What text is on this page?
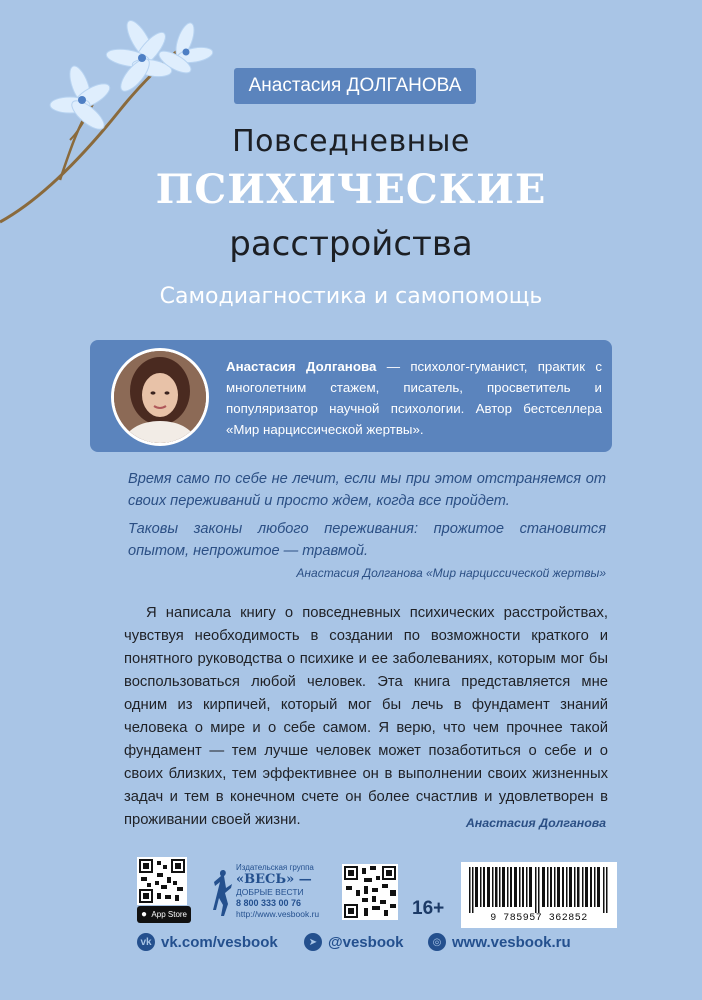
Анастасия ДОЛГАНОВА
Повседневные
ПСИХИЧЕСКИЕ
расстройства
Самодиагностика и самопомощь
Анастасия Долганова — психолог-гуманист, практик с многолетним стажем, писатель, просветитель и популяризатор научной психологии. Автор бестселлера «Мир нарциссической жертвы».
Время само по себе не лечит, если мы при этом отстраняемся от своих переживаний и просто ждем, когда все пройдет.
Таковы законы любого переживания: прожитое становится опытом, непрожитое — травмой.
Анастасия Долганова «Мир нарциссической жертвы»

Я написала книгу о повседневных психических расстройствах, чувствуя необходимость в создании по возможности краткого и понятного руководства о психике и ее заболеваниях, которым мог бы воспользоваться любой человек. Эта книга представляется мне одним из кирпичей, который мог бы лечь в фундамент знаний человека о мире и о себе самом. Я верю, что чем прочнее такой фундамент — тем лучше человек может позаботиться о себе и о своих близких, тем эффективнее он в выполнении своих жизненных задач и тем в конечном счете он более счастлив и удовлетворен в проживании своей жизни.	Анастасия Долганова
● App Store
Издательская группа
«ВЕСЬ» —
ДОБРЫЕ ВЕСТИ
8 800 333 00 76
http://www.vesbook.ru	16+	9 785957 362852
vk vk.com/vesbook	➤ @vesbook	◎ www.vesbook.ru
